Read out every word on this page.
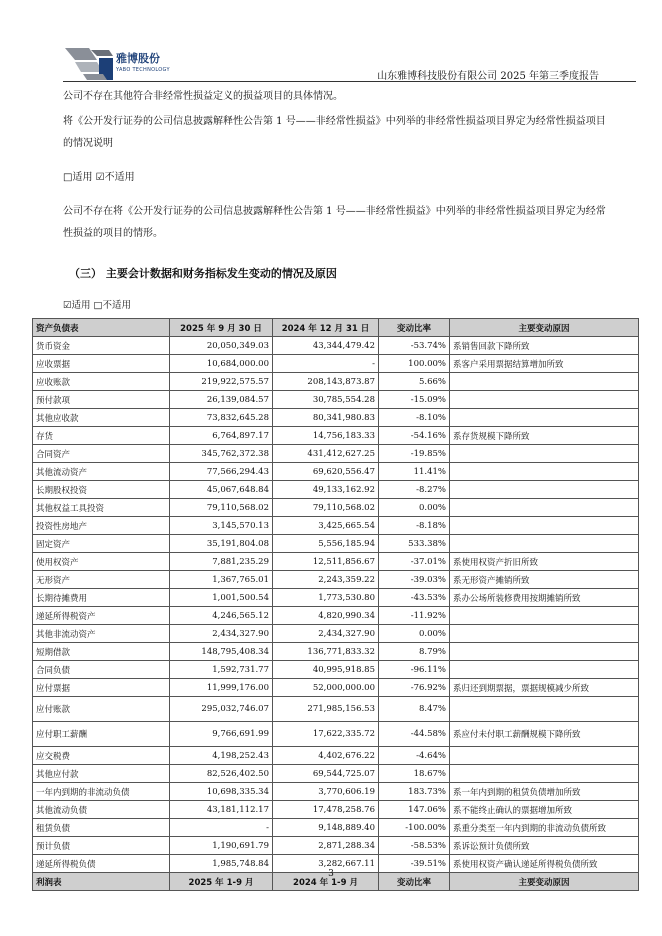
雅博股份
YABO TECHNOLOGY
山东雅博科技股份有限公司 2025 年第三季度报告
公司不存在其他符合非经常性损益定义的损益项目的具体情况。
将《公开发行证券的公司信息披露解释性公告第 1 号——非经常性损益》中列举的非经常性损益项目界定为经常性损益项目的情况说明
□适用 ☑不适用
公司不存在将《公开发行证券的公司信息披露解释性公告第 1 号——非经常性损益》中列举的非经常性损益项目界定为经常性损益的项目的情形。
（三） 主要会计数据和财务指标发生变动的情况及原因
☑适用 □不适用
资产负债表	2025 年 9 月 30 日	2024 年 12 月 31 日	变动比率	主要变动原因
货币资金	20,050,349.03	43,344,479.42	-53.74%	系销售回款下降所致
应收票据	10,684,000.00	-	100.00%	系客户采用票据结算增加所致
应收账款	219,922,575.57	208,143,873.87	5.66%	
预付款项	26,139,084.57	30,785,554.28	-15.09%	
其他应收款	73,832,645.28	80,341,980.83	-8.10%	
存货	6,764,897.17	14,756,183.33	-54.16%	系存货规模下降所致
合同资产	345,762,372.38	431,412,627.25	-19.85%	
其他流动资产	77,566,294.43	69,620,556.47	11.41%	
长期股权投资	45,067,648.84	49,133,162.92	-8.27%	
其他权益工具投资	79,110,568.02	79,110,568.02	0.00%	
投资性房地产	3,145,570.13	3,425,665.54	-8.18%	
固定资产	35,191,804.08	5,556,185.94	533.38%	
使用权资产	7,881,235.29	12,511,856.67	-37.01%	系使用权资产折旧所致
无形资产	1,367,765.01	2,243,359.22	-39.03%	系无形资产摊销所致
长期待摊费用	1,001,500.54	1,773,530.80	-43.53%	系办公场所装修费用按期摊销所致
递延所得税资产	4,246,565.12	4,820,990.34	-11.92%	
其他非流动资产	2,434,327.90	2,434,327.90	0.00%	
短期借款	148,795,408.34	136,771,833.32	8.79%	
合同负债	1,592,731.77	40,995,918.85	-96.11%	
应付票据	11,999,176.00	52,000,000.00	-76.92%	系归还到期票据，票据规模减少所致
应付账款	295,032,746.07	271,985,156.53	8.47%	
应付职工薪酬	9,766,691.99	17,622,335.72	-44.58%	系应付未付职工薪酬规模下降所致
应交税费	4,198,252.43	4,402,676.22	-4.64%	
其他应付款	82,526,402.50	69,544,725.07	18.67%	
一年内到期的非流动负债	10,698,335.34	3,770,606.19	183.73%	系一年内到期的租赁负债增加所致
其他流动负债	43,181,112.17	17,478,258.76	147.06%	系不能终止确认的票据增加所致
租赁负债	-	9,148,889.40	-100.00%	系重分类至一年内到期的非流动负债所致
预计负债	1,190,691.79	2,871,288.34	-58.53%	系诉讼预计负债所致
递延所得税负债	1,985,748.84	3,282,667.11	-39.51%	系使用权资产确认递延所得税负债所致
利润表	2025 年 1-9 月	2024 年 1-9 月	变动比率	主要变动原因
3
